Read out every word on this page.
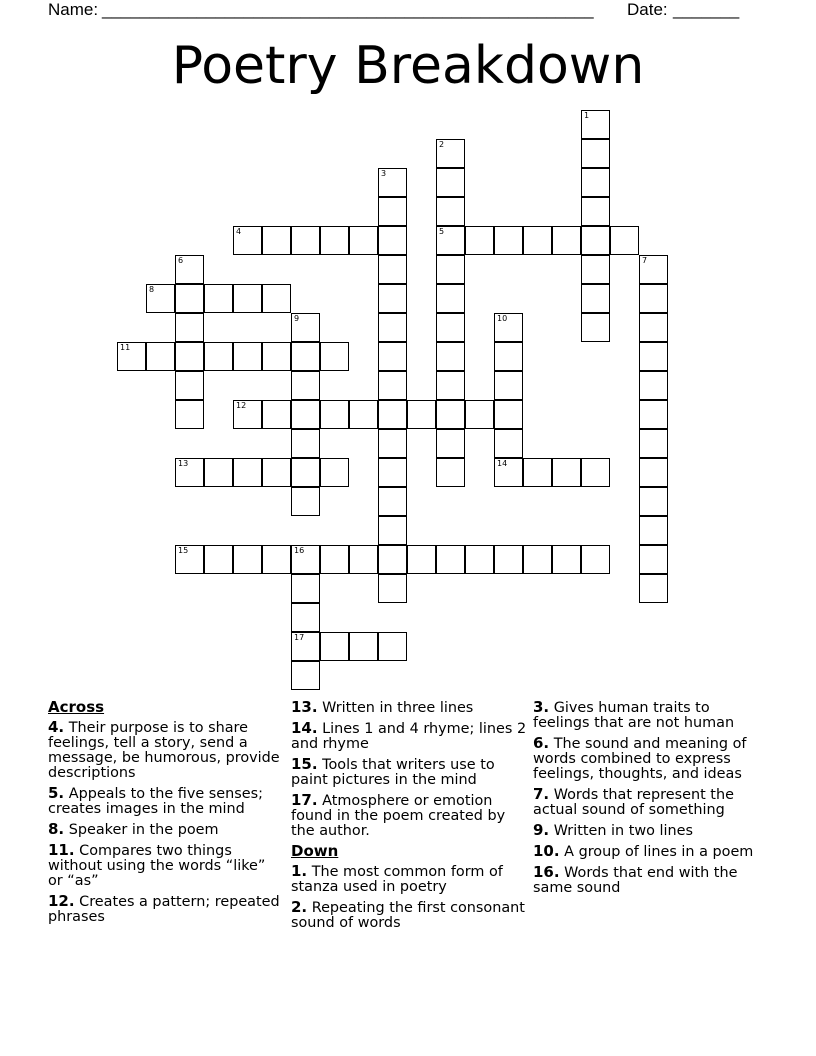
Name: ____________________________________________________ Date: _______
Poetry Breakdown
1
2
5
3
4
6	7
8
9	10
14
11
12
13
15	16
17
Across
4. Their purpose is to share feelings, tell a story, send a message, be humorous, provide descriptions
5. Appeals to the five senses; creates images in the mind
8. Speaker in the poem
11. Compares two things without using the words “like” or “as”
12. Creates a pattern; repeated phrases
13. Written in three lines
14. Lines 1 and 4 rhyme; lines 2 and rhyme
15. Tools that writers use to paint pictures in the mind
17. Atmosphere or emotion found in the poem created by the author.
Down
1. The most common form of stanza used in poetry
2. Repeating the first consonant sound of words
3. Gives human traits to feelings that are not human
6. The sound and meaning of words combined to express feelings, thoughts, and ideas
7. Words that represent the actual sound of something
9. Written in two lines
10. A group of lines in a poem
16. Words that end with the same sound
